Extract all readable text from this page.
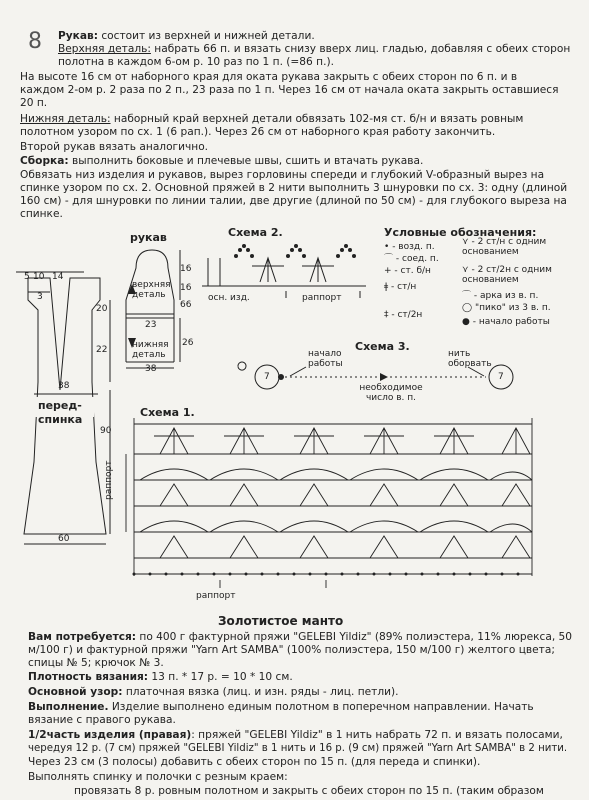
8 Рукав: состоит из верхней и нижней детали.
Верхняя деталь: набрать 66 п. и вязать снизу вверх лиц. гладью, добавляя с обеих сторон
полотна в каждом 6-ом р. 10 раз по 1 п. (=86 п.).
На высоте 16 см от наборного края для оката рукава закрыть с обеих сторон по 6 п. и в
каждом 2-ом р. 2 раза по 2 п., 23 раза по 1 п. Через 16 см от начала оката закрыть оставшиеся
20 п.
Нижняя деталь: наборный край верхней детали обвязать 102-мя ст. б/н и вязать ровным
полотном узором по сх. 1 (6 рап.). Через 26 см от наборного края работу закончить.
Второй рукав вязать аналогично.
Сборка: выполнить боковые и плечевые швы, сшить и втачать рукава.
Обвязать низ изделия и рукавов, вырез горловины спереди и глубокий V-образный вырез на
спинке узором по сх. 2. Основной пряжей в 2 нити выполнить 3 шнуровки по сх. 3: одну (длиной
160 см) - для шнуровки по линии талии, две другие (длиной по 50 см) - для глубокого выреза на
спинке.
5 10 14
3
20
22
38
перед-
спинка
90
60
рукав
16
16
66
верхняя деталь
23
26
нижняя деталь
38
Схема 2.
осн. изд.	раппорт
Условные обозначения:
• - возд. п.
⌒ - соед. п.
+ - ст. б/н
ǂ - ст/н
‡ - ст/2н
⋎ - 2 ст/н с одним основанием
⋎ - 2 ст/2н с одним основанием
⌒ - арка из в. п.
◯ "пико" из 3 в. п.
● - начало работы
Схема 3.
начало работы
нить оборвать
7	7
необходимое число в. п.
Схема 1.
раппорт
раппорт
Золотистое манто
Вам потребуется: по 400 г фактурной пряжи "GELEBI Yildiz" (89% полиэстера, 11% люрекса, 50
м/100 г) и фактурной пряжи "Yarn Art SAMBA" (100% полиэстера, 150 м/100 г) желтого цвета;
спицы № 5; крючок № 3.
Плотность вязания: 13 п. * 17 р. = 10 * 10 см.
Основной узор: платочная вязка (лиц. и изн. ряды - лиц. петли).
Выполнение. Изделие выполнено единым полотном в поперечном направлении. Начать
вязание с правого рукава.
1/2часть изделия (правая): пряжей "GELEBI Yildiz" в 1 нить набрать 72 п. и вязать полосами,
чередуя 12 р. (7 см) пряжей "GELEBI Yildiz" в 1 нить и 16 р. (9 см) пряжей "Yarn Art SAMBA" в 2 нити.
Через 23 см (3 полосы) добавить с обеих сторон по 15 п. (для переда и спинки).
Выполнять спинку и полочки с резным краем:
провязать 8 р. ровным полотном и закрыть с обеих сторон по 15 п. (таким образом
